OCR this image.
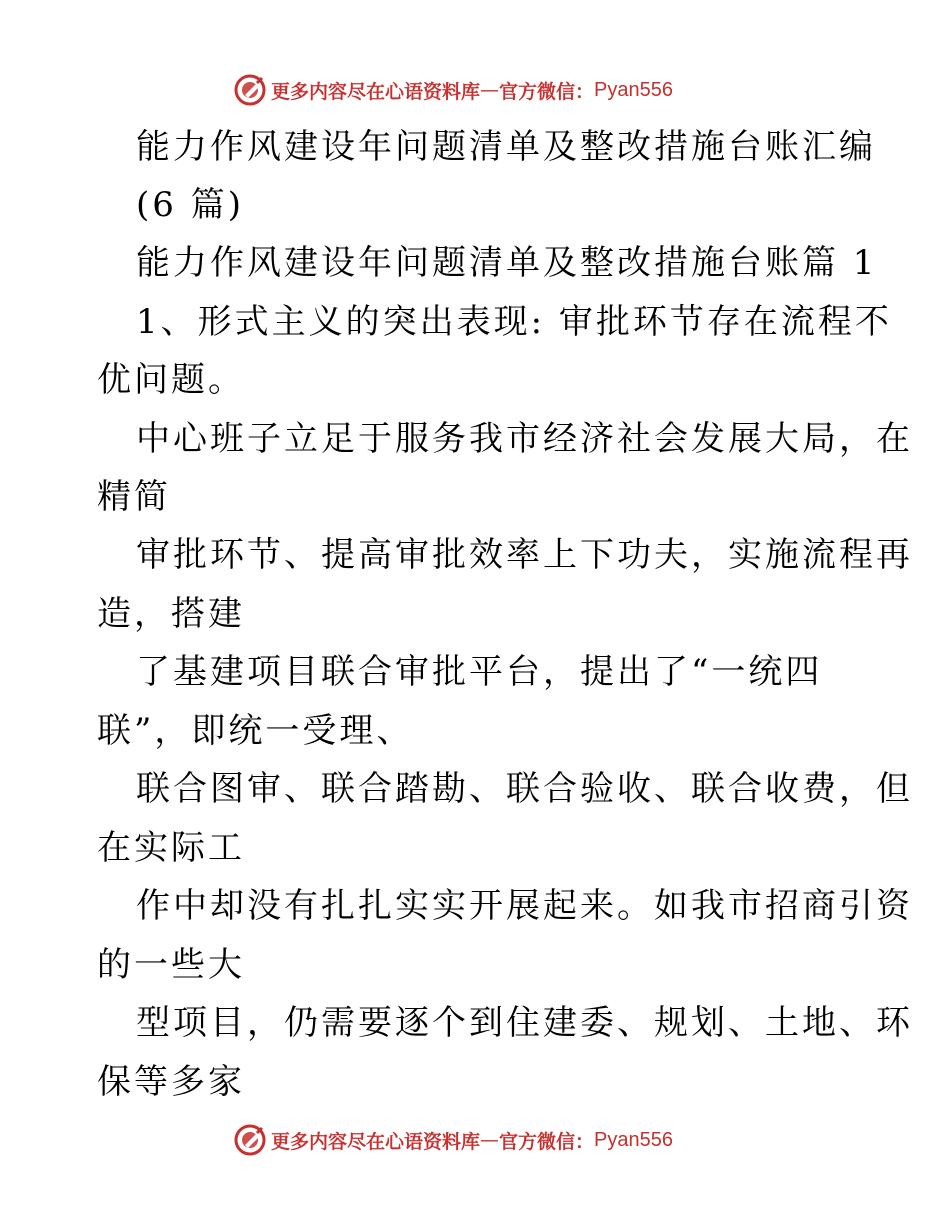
更多内容尽在心语资料库 — 官方微信： Pyan556
能力作风建设年问题清单及整改措施台账汇编
(6 篇)
能力作风建设年问题清单及整改措施台账篇 1
1、形式主义的突出表现: 审批环节存在流程不
优问题。
中心班子立足于服务我市经济社会发展大局，在
精简
审批环节、提高审批效率上下功夫，实施流程再
造，搭建
了基建项目联合审批平台，提出了“一统四
联”，即统一受理、
联合图审、联合踏勘、联合验收、联合收费，但
在实际工
作中却没有扎扎实实开展起来。如我市招商引资
的一些大
型项目，仍需要逐个到住建委、规划、土地、环
保等多家
更多内容尽在心语资料库 — 官方微信： Pyan556
